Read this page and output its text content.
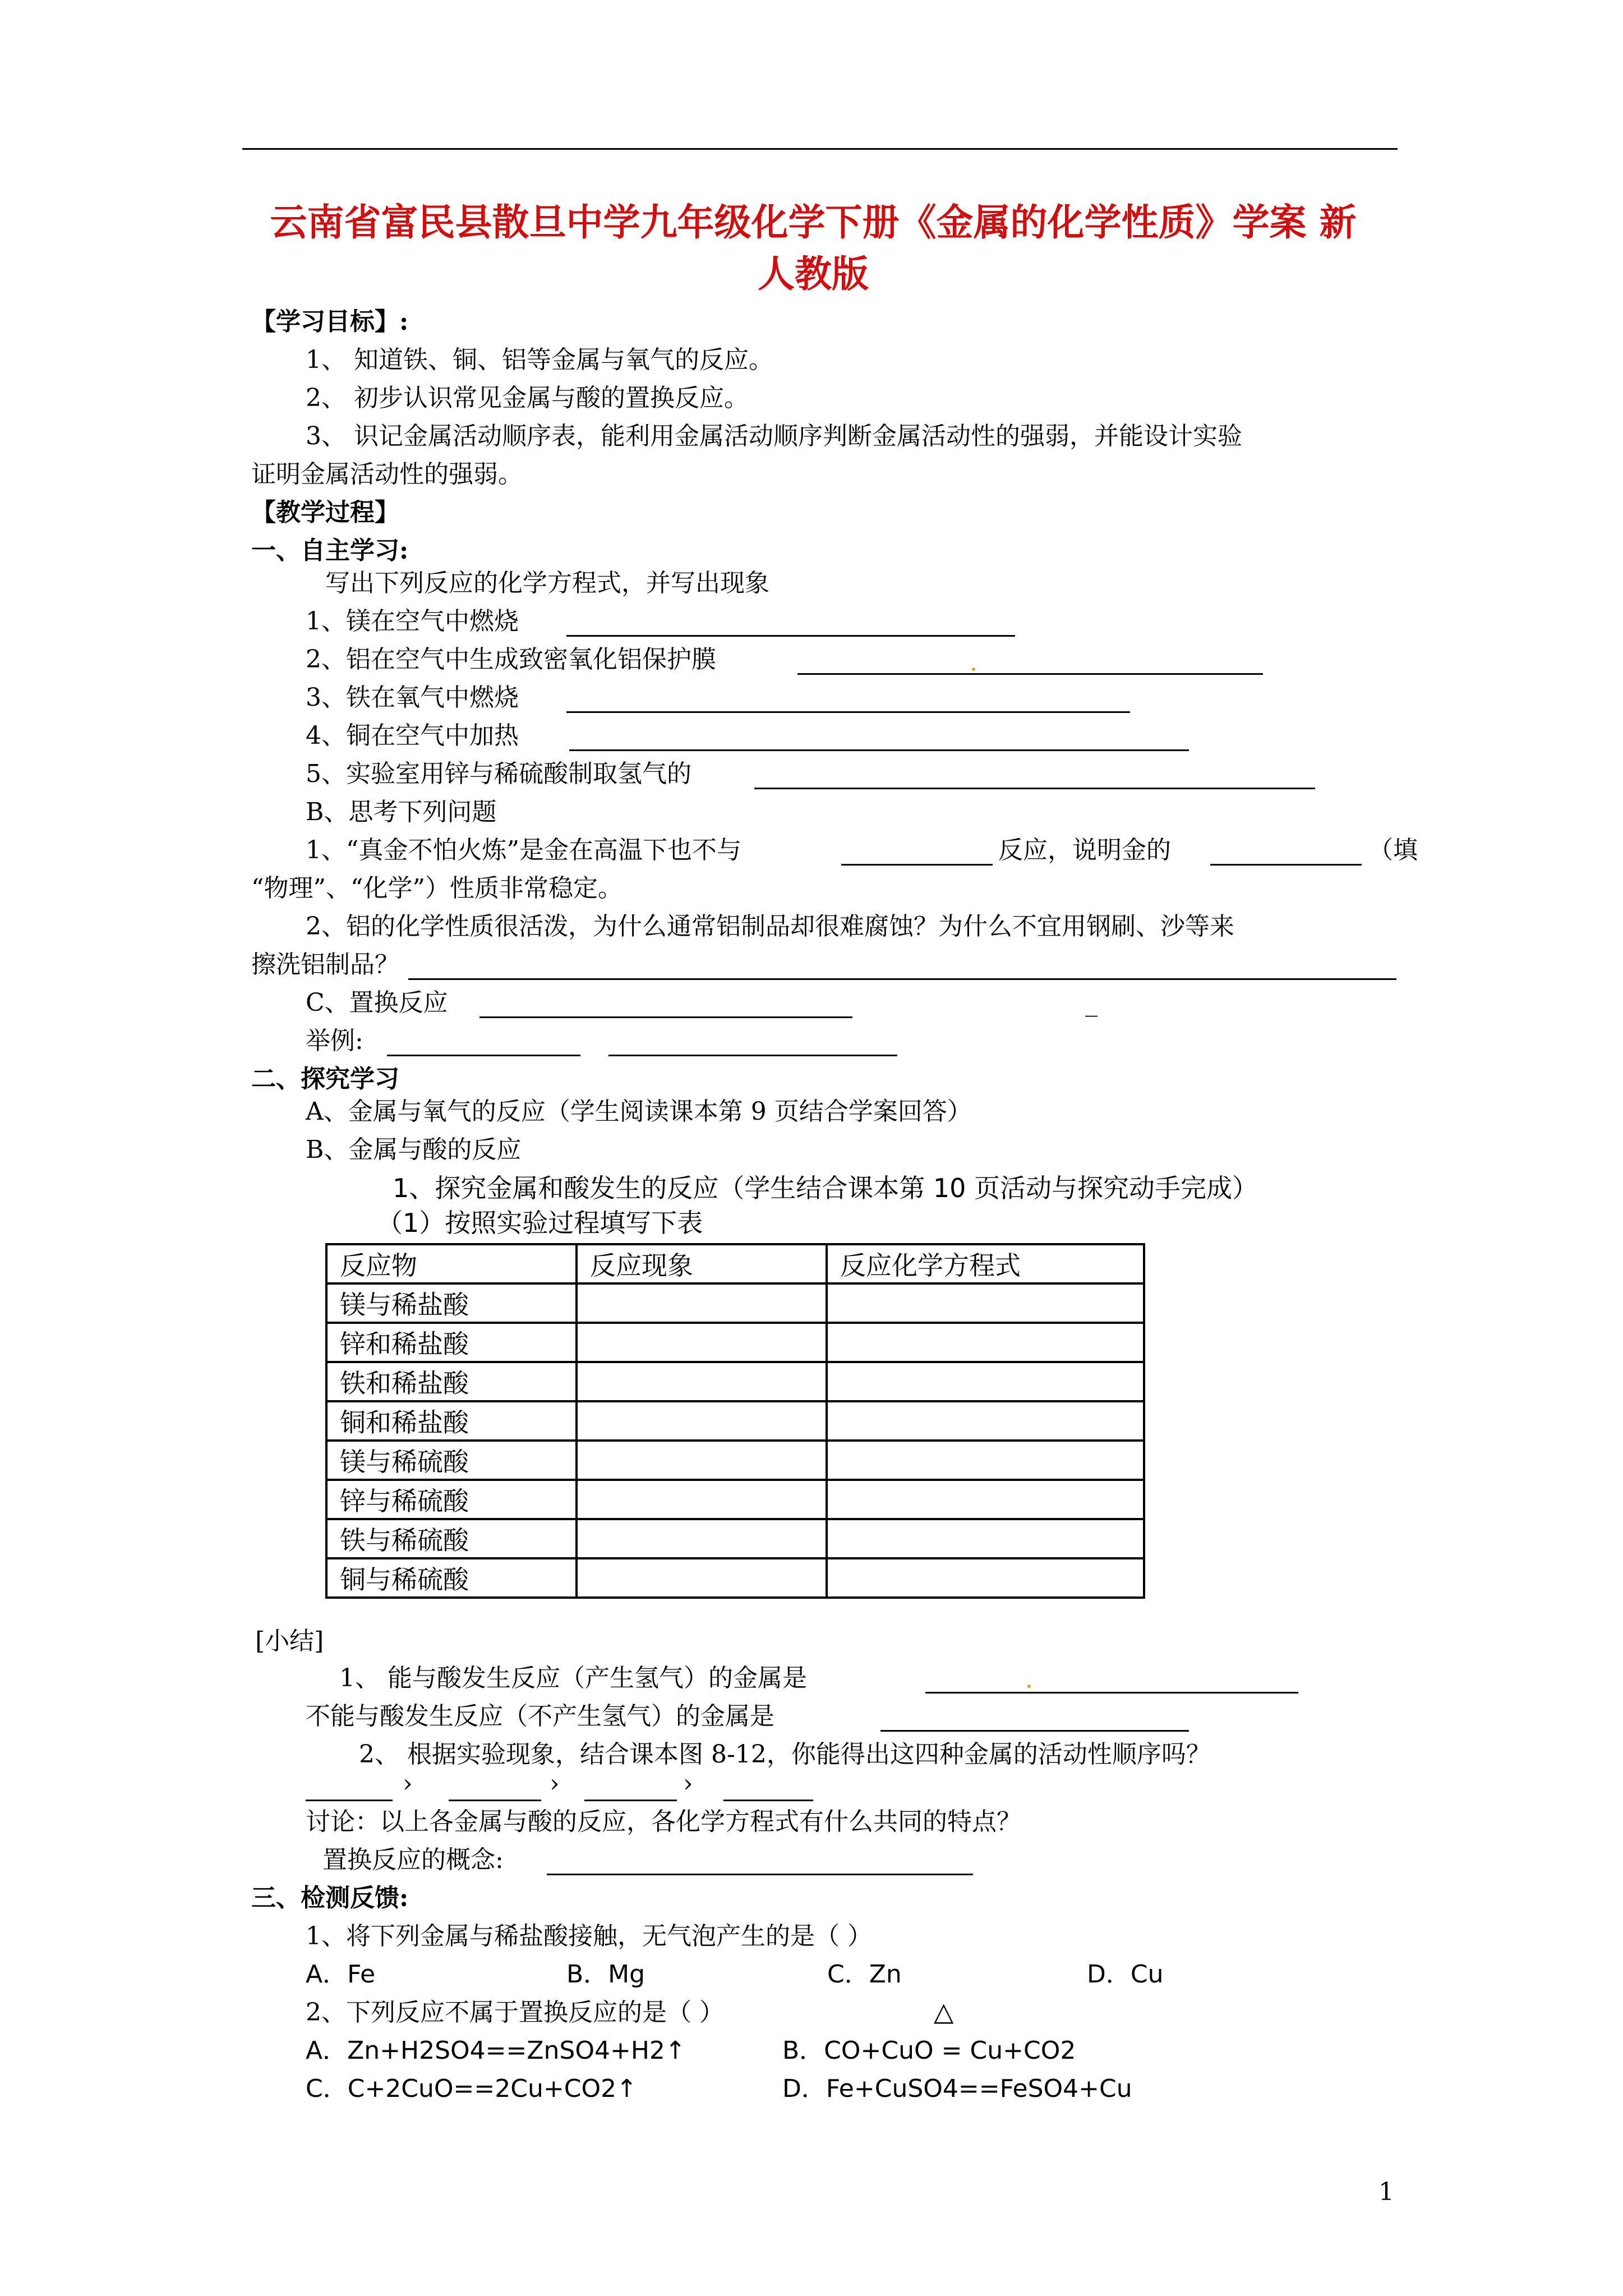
云南省富民县散旦中学九年级化学下册《金属的化学性质》学案 新
人教版
【学习目标】:
1、 知道铁、铜、铝等金属与氧气的反应。
2、 初步认识常见金属与酸的置换反应。
3、 识记金属活动顺序表，能利用金属活动顺序判断金属活动性的强弱，并能设计实验
证明金属活动性的强弱。
【教学过程】
一、自主学习:
写出下列反应的化学方程式，并写出现象
1、镁在空气中燃烧
2、铝在空气中生成致密氧化铝保护膜
3、铁在氧气中燃烧
4、铜在空气中加热
5、实验室用锌与稀硫酸制取氢气的
B、思考下列问题
1、“真金不怕火炼”是金在高温下也不与	反应，说明金的	（填
“物理”、“化学”）性质非常稳定。
2、铝的化学性质很活泼，为什么通常铝制品却很难腐蚀？为什么不宜用钢刷、沙等来
擦洗铝制品？
C、置换反应	_
举例:
二、探究学习
A、金属与氧气的反应（学生阅读课本第 9 页结合学案回答）
B、金属与酸的反应
1、探究金属和酸发生的反应（学生结合课本第 10 页活动与探究动手完成）
（1）按照实验过程填写下表
反应物	反应现象	反应化学方程式
镁与稀盐酸		
锌和稀盐酸		
铁和稀盐酸		
铜和稀盐酸		
镁与稀硫酸		
锌与稀硫酸		
铁与稀硫酸		
铜与稀硫酸		
[小结]
1、 能与酸发生反应（产生氢气）的金属是
不能与酸发生反应（不产生氢气）的金属是
2、 根据实验现象，结合课本图 8-12，你能得出这四种金属的活动性顺序吗？
›	›	›
讨论：以上各金属与酸的反应，各化学方程式有什么共同的特点？
置换反应的概念:
三、检测反馈:
1、将下列金属与稀盐酸接触，无气泡产生的是（ ）
A．Fe	B．Mg	C．Zn	D．Cu
2、下列反应不属于置换反应的是（ ）	△
A．Zn+H2SO4==ZnSO4+H2↑	B．CO+CuO = Cu+CO2
C．C+2CuO==2Cu+CO2↑	D．Fe+CuSO4==FeSO4+Cu
1
